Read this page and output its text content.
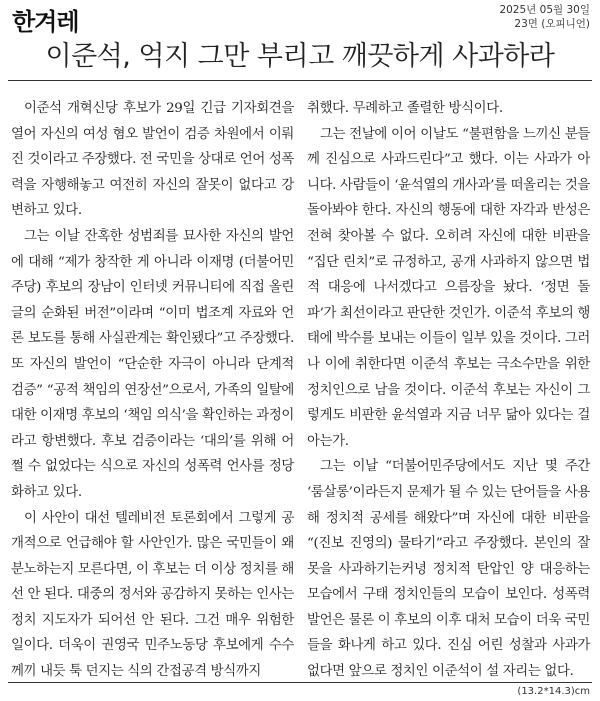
한겨레	2025년 05월 30일
23면 (오피니언)
이준석, 억지 그만 부리고 깨끗하게 사과하라

이준석 개혁신당 후보가 29일 긴급 기자회견을 열어 자신의 여성 혐오 발언이 검증 차원에서 이뤄진 것이라고 주장했다. 전 국민을 상대로 언어 성폭력을 자행해놓고 여전히 자신의 잘못이 없다고 강변하고 있다.

그는 이날 잔혹한 성범죄를 묘사한 자신의 발언에 대해 “제가 창작한 게 아니라 이재명 (더불어민주당) 후보의 장남이 인터넷 커뮤니티에 직접 올린 글의 순화된 버전”이라며 “이미 법조계 자료와 언론 보도를 통해 사실관계는 확인됐다”고 주장했다. 또 자신의 발언이 “단순한 자극이 아니라 단계적 검증” “공적 책임의 연장선”으로서, 가족의 일탈에 대한 이재명 후보의 ‘책임 의식’을 확인하는 과정이라고 항변했다. 후보 검증이라는 ‘대의’를 위해 어쩔 수 없었다는 식으로 자신의 성폭력 언사를 정당화하고 있다.

이 사안이 대선 텔레비전 토론회에서 그렇게 공개적으로 언급해야 할 사안인가. 많은 국민들이 왜 분노하는지 모른다면, 이 후보는 더 이상 정치를 해선 안 된다. 대중의 정서와 공감하지 못하는 인사는 정치 지도자가 되어선 안 된다. 그건 매우 위험한 일이다. 더욱이 권영국 민주노동당 후보에게 수수께끼 내듯 툭 던지는 식의 간접공격 방식까지

취했다. 무례하고 졸렬한 방식이다.

그는 전날에 이어 이날도 “불편함을 느끼신 분들께 진심으로 사과드린다”고 했다. 이는 사과가 아니다. 사람들이 ‘윤석열의 개사과’를 떠올리는 것을 돌아봐야 한다. 자신의 행동에 대한 자각과 반성은 전혀 찾아볼 수 없다. 오히려 자신에 대한 비판을 “집단 린치”로 규정하고, 공개 사과하지 않으면 법적 대응에 나서겠다고 으름장을 놨다. ‘정면 돌파’가 최선이라고 판단한 것인가. 이준석 후보의 행태에 박수를 보내는 이들이 일부 있을 것이다. 그러나 이에 취한다면 이준석 후보는 극소수만을 위한 정치인으로 남을 것이다. 이준석 후보는 자신이 그렇게도 비판한 윤석열과 지금 너무 닮아 있다는 걸 아는가.

그는 이날 “더불어민주당에서도 지난 몇 주간 ‘룸살롱’이라든지 문제가 될 수 있는 단어들을 사용해 정치적 공세를 해왔다”며 자신에 대한 비판을 “(진보 진영의) 물타기”라고 주장했다. 본인의 잘못을 사과하기는커녕 정치적 탄압인 양 대응하는 모습에서 구태 정치인들의 모습이 보인다. 성폭력 발언은 물론 이 후보의 이후 대처 모습이 더욱 국민들을 화나게 하고 있다. 진심 어린 성찰과 사과가 없다면 앞으로 정치인 이준석이 설 자리는 없다.

(13.2*14.3)cm
